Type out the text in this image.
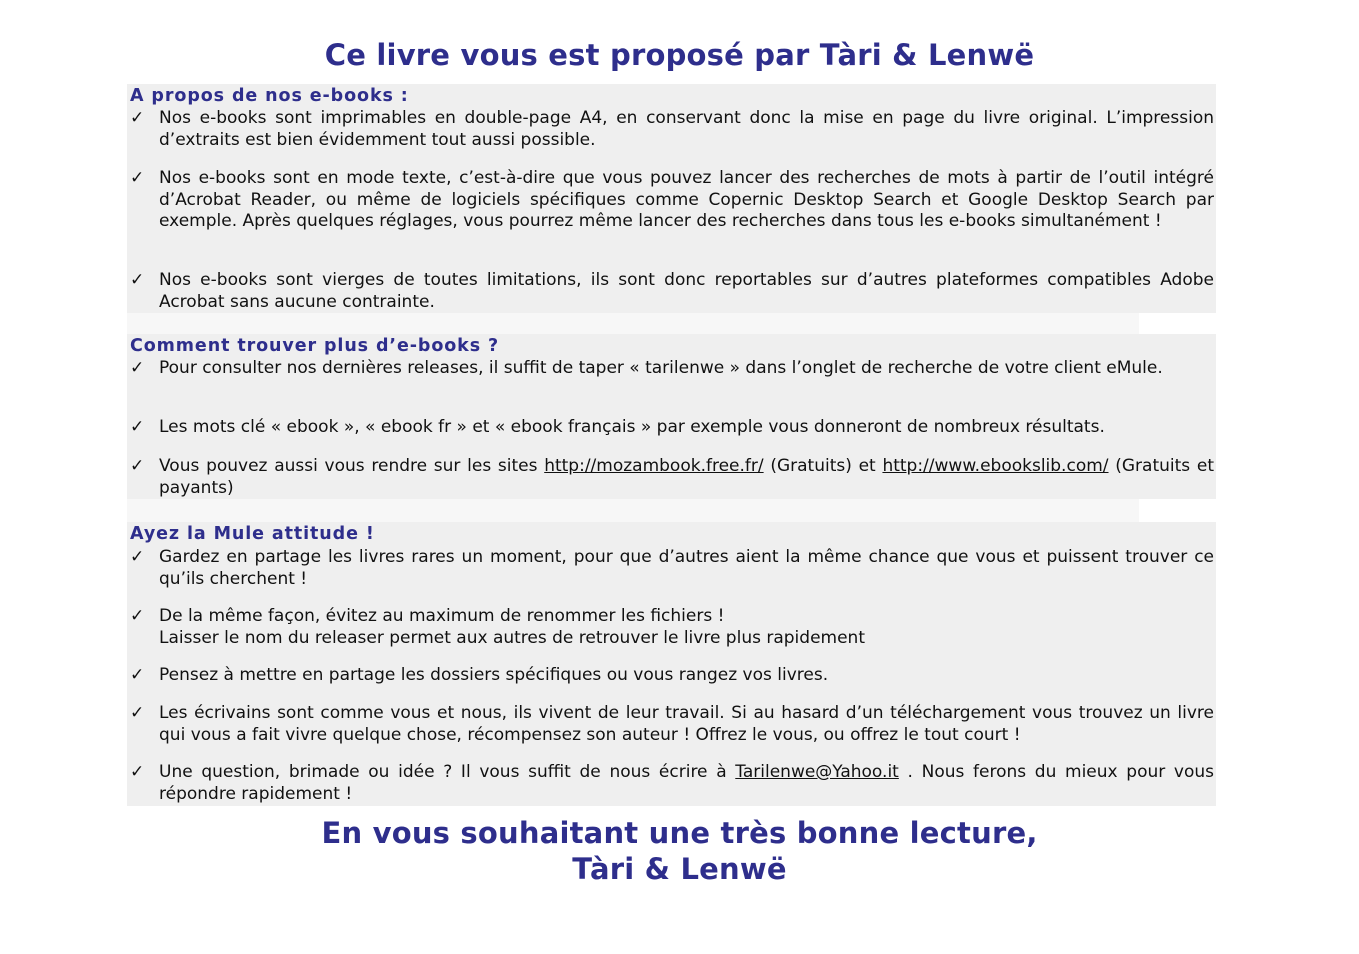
Ce livre vous est proposé par Tàri & Lenwë
A propos de nos e-books :
✓ Nos e-books sont imprimables en double-page A4, en conservant donc la mise en page du livre original. L’impression d’extraits est bien évidemment tout aussi possible.
✓ Nos e-books sont en mode texte, c’est-à-dire que vous pouvez lancer des recherches de mots à partir de l’outil intégré d’Acrobat Reader, ou même de logiciels spécifiques comme Copernic Desktop Search et Google Desktop Search par exemple. Après quelques réglages, vous pourrez même lancer des recherches dans tous les e-books simultanément !
✓ Nos e-books sont vierges de toutes limitations, ils sont donc reportables sur d’autres plateformes compatibles Adobe Acrobat sans aucune contrainte.
Comment trouver plus d’e-books ?
✓ Pour consulter nos dernières releases, il suffit de taper « tarilenwe » dans l’onglet de recherche de votre client eMule.
✓ Les mots clé « ebook », « ebook fr » et « ebook français » par exemple vous donneront de nombreux résultats.
✓ Vous pouvez aussi vous rendre sur les sites http://mozambook.free.fr/ (Gratuits) et http://www.ebookslib.com/ (Gratuits et payants)
Ayez la Mule attitude !
✓ Gardez en partage les livres rares un moment, pour que d’autres aient la même chance que vous et puissent trouver ce qu’ils cherchent !
✓ De la même façon, évitez au maximum de renommer les fichiers !
Laisser le nom du releaser permet aux autres de retrouver le livre plus rapidement
✓ Pensez à mettre en partage les dossiers spécifiques ou vous rangez vos livres.
✓ Les écrivains sont comme vous et nous, ils vivent de leur travail. Si au hasard d’un téléchargement vous trouvez un livre qui vous a fait vivre quelque chose, récompensez son auteur ! Offrez le vous, ou offrez le tout court !
✓ Une question, brimade ou idée ? Il vous suffit de nous écrire à Tarilenwe@Yahoo.it . Nous ferons du mieux pour vous répondre rapidement !
En vous souhaitant une très bonne lecture,
Tàri & Lenwë
